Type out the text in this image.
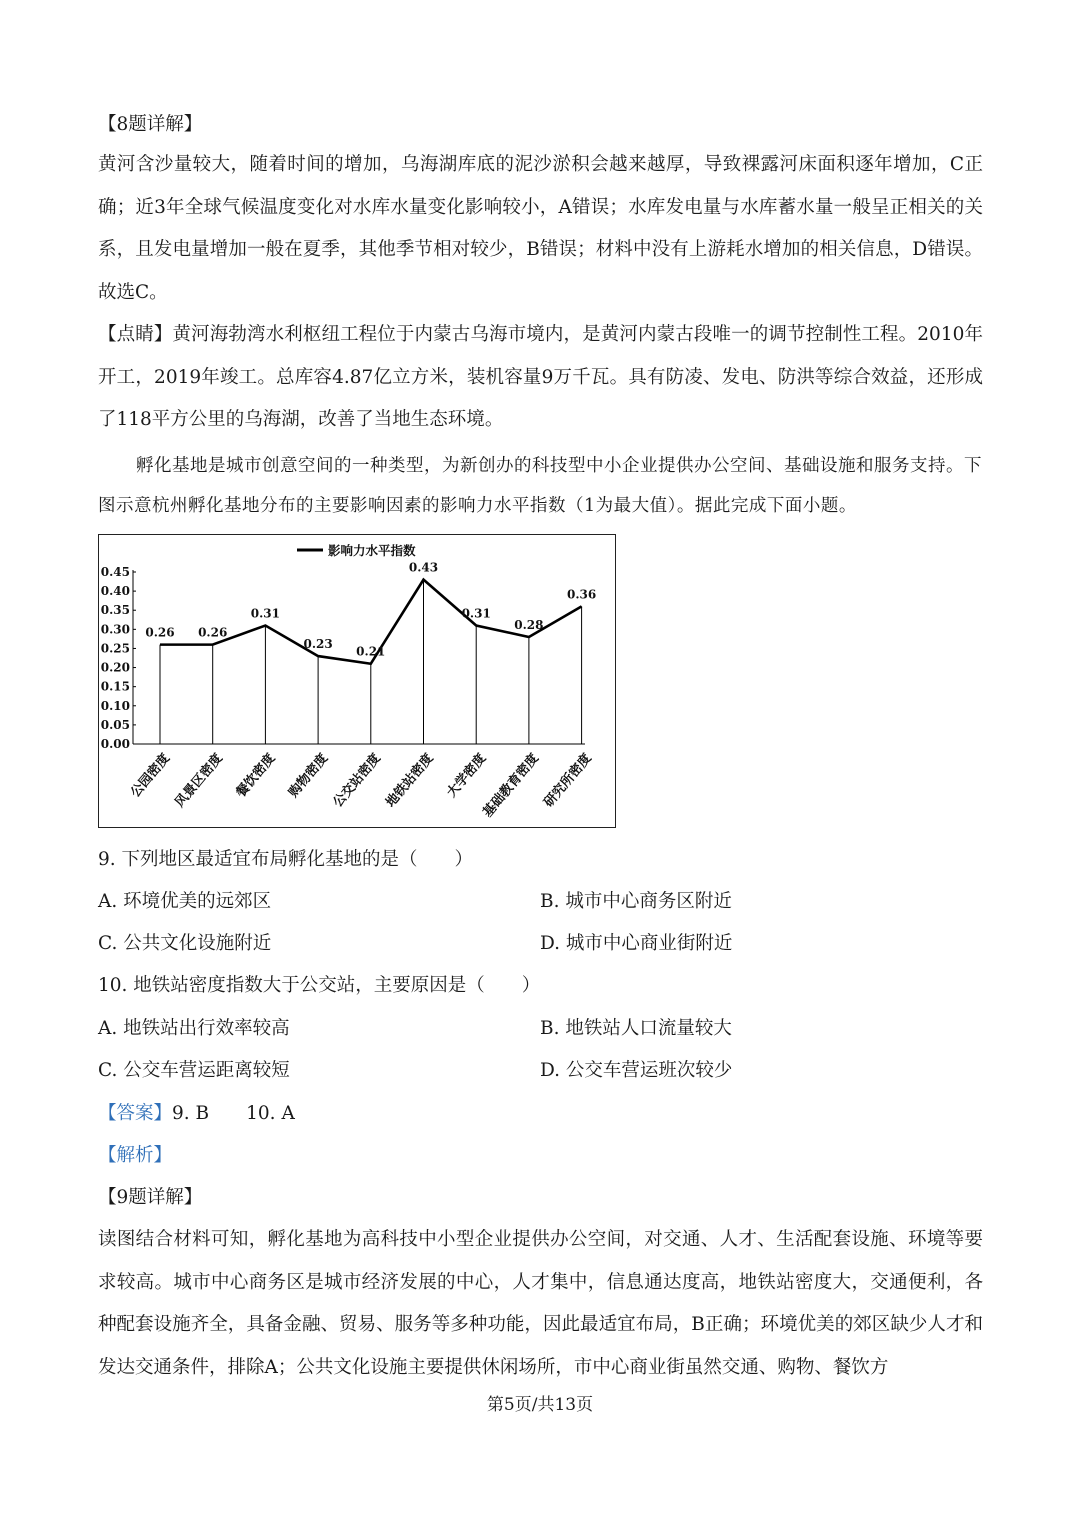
【8题详解】

黄河含沙量较大，随着时间的增加，乌海湖库底的泥沙淤积会越来越厚，导致裸露河床面积逐年增加，C正确；近3年全球气候温度变化对水库水量变化影响较小，A错误；水库发电量与水库蓄水量一般呈正相关的关系，且发电量增加一般在夏季，其他季节相对较少，B错误；材料中没有上游耗水增加的相关信息，D错误。故选C。

【点睛】黄河海勃湾水利枢纽工程位于内蒙古乌海市境内，是黄河内蒙古段唯一的调节控制性工程。2010年开工，2019年竣工。总库容4.87亿立方米，装机容量9万千瓦。具有防凌、发电、防洪等综合效益，还形成了118平方公里的乌海湖，改善了当地生态环境。

孵化基地是城市创意空间的一种类型，为新创办的科技型中小企业提供办公空间、基础设施和服务支持。下图示意杭州孵化基地分布的主要影响因素的影响力水平指数（1为最大值）。据此完成下面小题。

0.00
0.05
0.10
0.15
0.20
0.25
0.30
0.35
0.40
0.45
0.26 0.26
0.31
0.23
0.21
0.43
0.31
0.28
0.36
公园密度 风景区密度 餐饮密度 购物密度 公交站密度 地铁站密度 大学密度
基础教育密度 研究所密度
影响力水平指数

9. 下列地区最适宜布局孵化基地的是（　　）

A. 环境优美的远郊区	B. 城市中心商务区附近
C. 公共文化设施附近	D. 城市中心商业街附近

10. 地铁站密度指数大于公交站，主要原因是（　　）

A. 地铁站出行效率较高	B. 地铁站人口流量较大
C. 公交车营运距离较短	D. 公交车营运班次较少

【答案】9. B　　10. A

【解析】

【9题详解】

读图结合材料可知，孵化基地为高科技中小型企业提供办公空间，对交通、人才、生活配套设施、环境等要求较高。城市中心商务区是城市经济发展的中心，人才集中，信息通达度高，地铁站密度大，交通便利，各种配套设施齐全，具备金融、贸易、服务等多种功能，因此最适宜布局，B正确；环境优美的郊区缺少人才和发达交通条件，排除A；公共文化设施主要提供休闲场所，市中心商业街虽然交通、购物、餐饮方

第5页/共13页
